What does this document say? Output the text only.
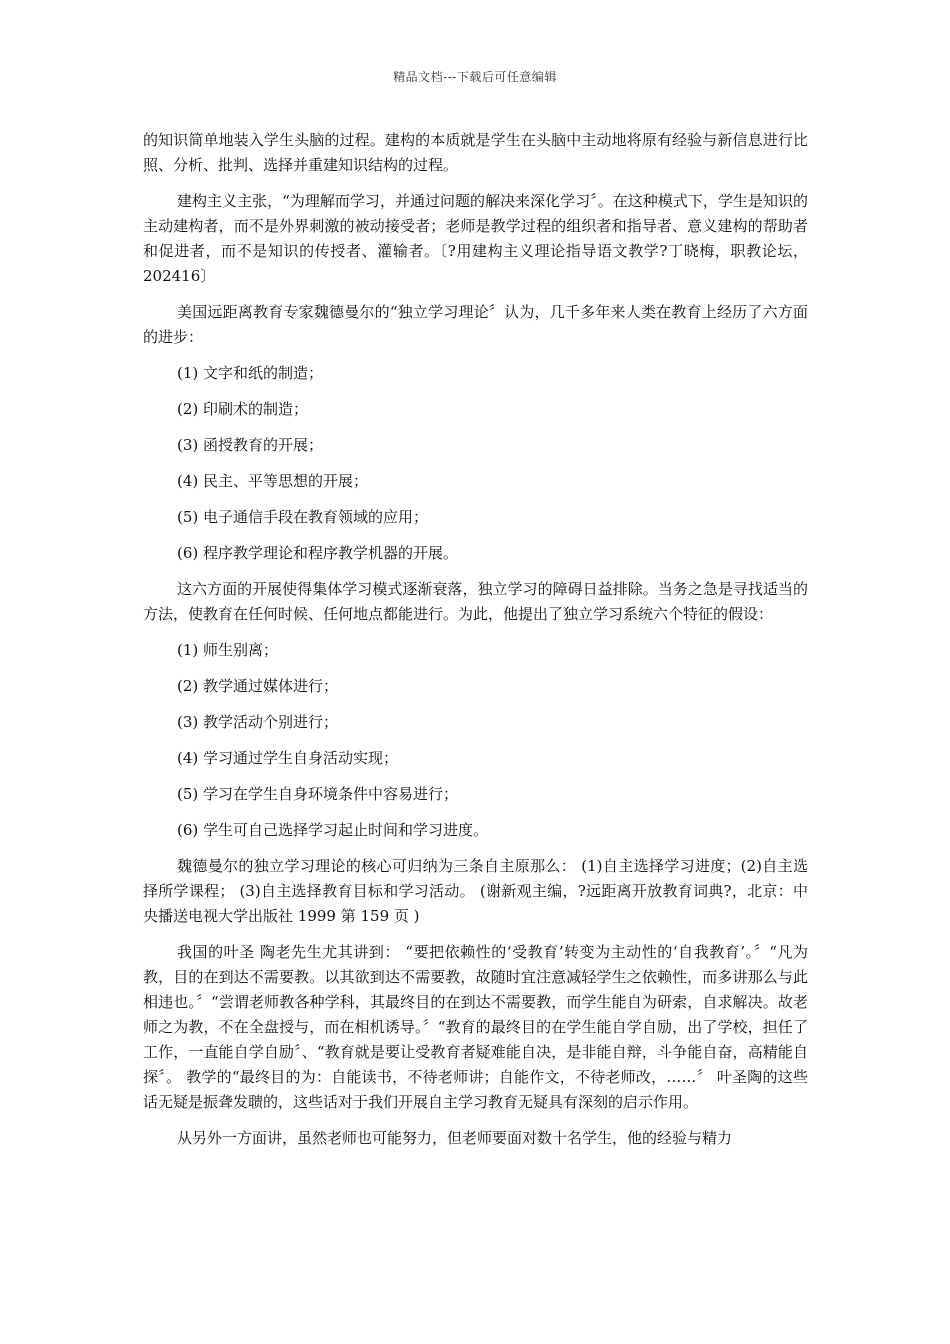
精品文档---下载后可任意编辑

的知识简单地装入学生头脑的过程。建构的本质就是学生在头脑中主动地将原有经验与新信息进行比照、分析、批判、选择并重建知识结构的过程。

建构主义主张，“为理解而学习，并通过问题的解决来深化学习〞。在这种模式下，学生是知识的主动建构者，而不是外界刺激的被动接受者；老师是教学过程的组织者和指导者、意义建构的帮助者和促进者，而不是知识的传授者、灌输者。〔?用建构主义理论指导语文教学?丁晓梅，职教论坛， 202416〕

美国远距离教育专家魏德曼尔的“独立学习理论〞认为，几千多年来人类在教育上经历了六方面的进步：

(1) 文字和纸的制造；

(2) 印刷术的制造；

(3) 函授教育的开展；

(4) 民主、平等思想的开展；

(5) 电子通信手段在教育领域的应用；

(6) 程序教学理论和程序教学机器的开展。

这六方面的开展使得集体学习模式逐渐衰落，独立学习的障碍日益排除。当务之急是寻找适当的方法，使教育在任何时候、任何地点都能进行。为此，他提出了独立学习系统六个特征的假设：

(1) 师生别离；

(2) 教学通过媒体进行；

(3) 教学活动个别进行；

(4) 学习通过学生自身活动实现；

(5) 学习在学生自身环境条件中容易进行；

(6) 学生可自己选择学习起止时间和学习进度。

魏德曼尔的独立学习理论的核心可归纳为三条自主原那么： (1)自主选择学习进度；(2)自主选择所学课程； (3)自主选择教育目标和学习活动。 (谢新观主编，?远距离开放教育词典?，北京：中央播送电视大学出版社 1999 第 159 页 )

我国的叶圣 陶老先生尤其讲到： “要把依赖性的‘受教育’转变为主动性的‘自我教育’。〞“凡为教，目的在到达不需要教。以其欲到达不需要教，故随时宜注意减轻学生之依赖性，而多讲那么与此相违也。〞“尝谓老师教各种学科，其最终目的在到达不需要教，而学生能自为研索，自求解决。故老师之为教，不在全盘授与，而在相机诱导。〞“教育的最终目的在学生能自学自励，出了学校，担任了工作，一直能自学自励〞、“教育就是要让受教育者疑难能自决，是非能自辩，斗争能自奋，高精能自探〞。 教学的“最终目的为：自能读书，不待老师讲；自能作文，不待老师改，……〞 叶圣陶的这些话无疑是振聋发聩的，这些话对于我们开展自主学习教育无疑具有深刻的启示作用。

从另外一方面讲，虽然老师也可能努力，但老师要面对数十名学生，他的经验与精力
